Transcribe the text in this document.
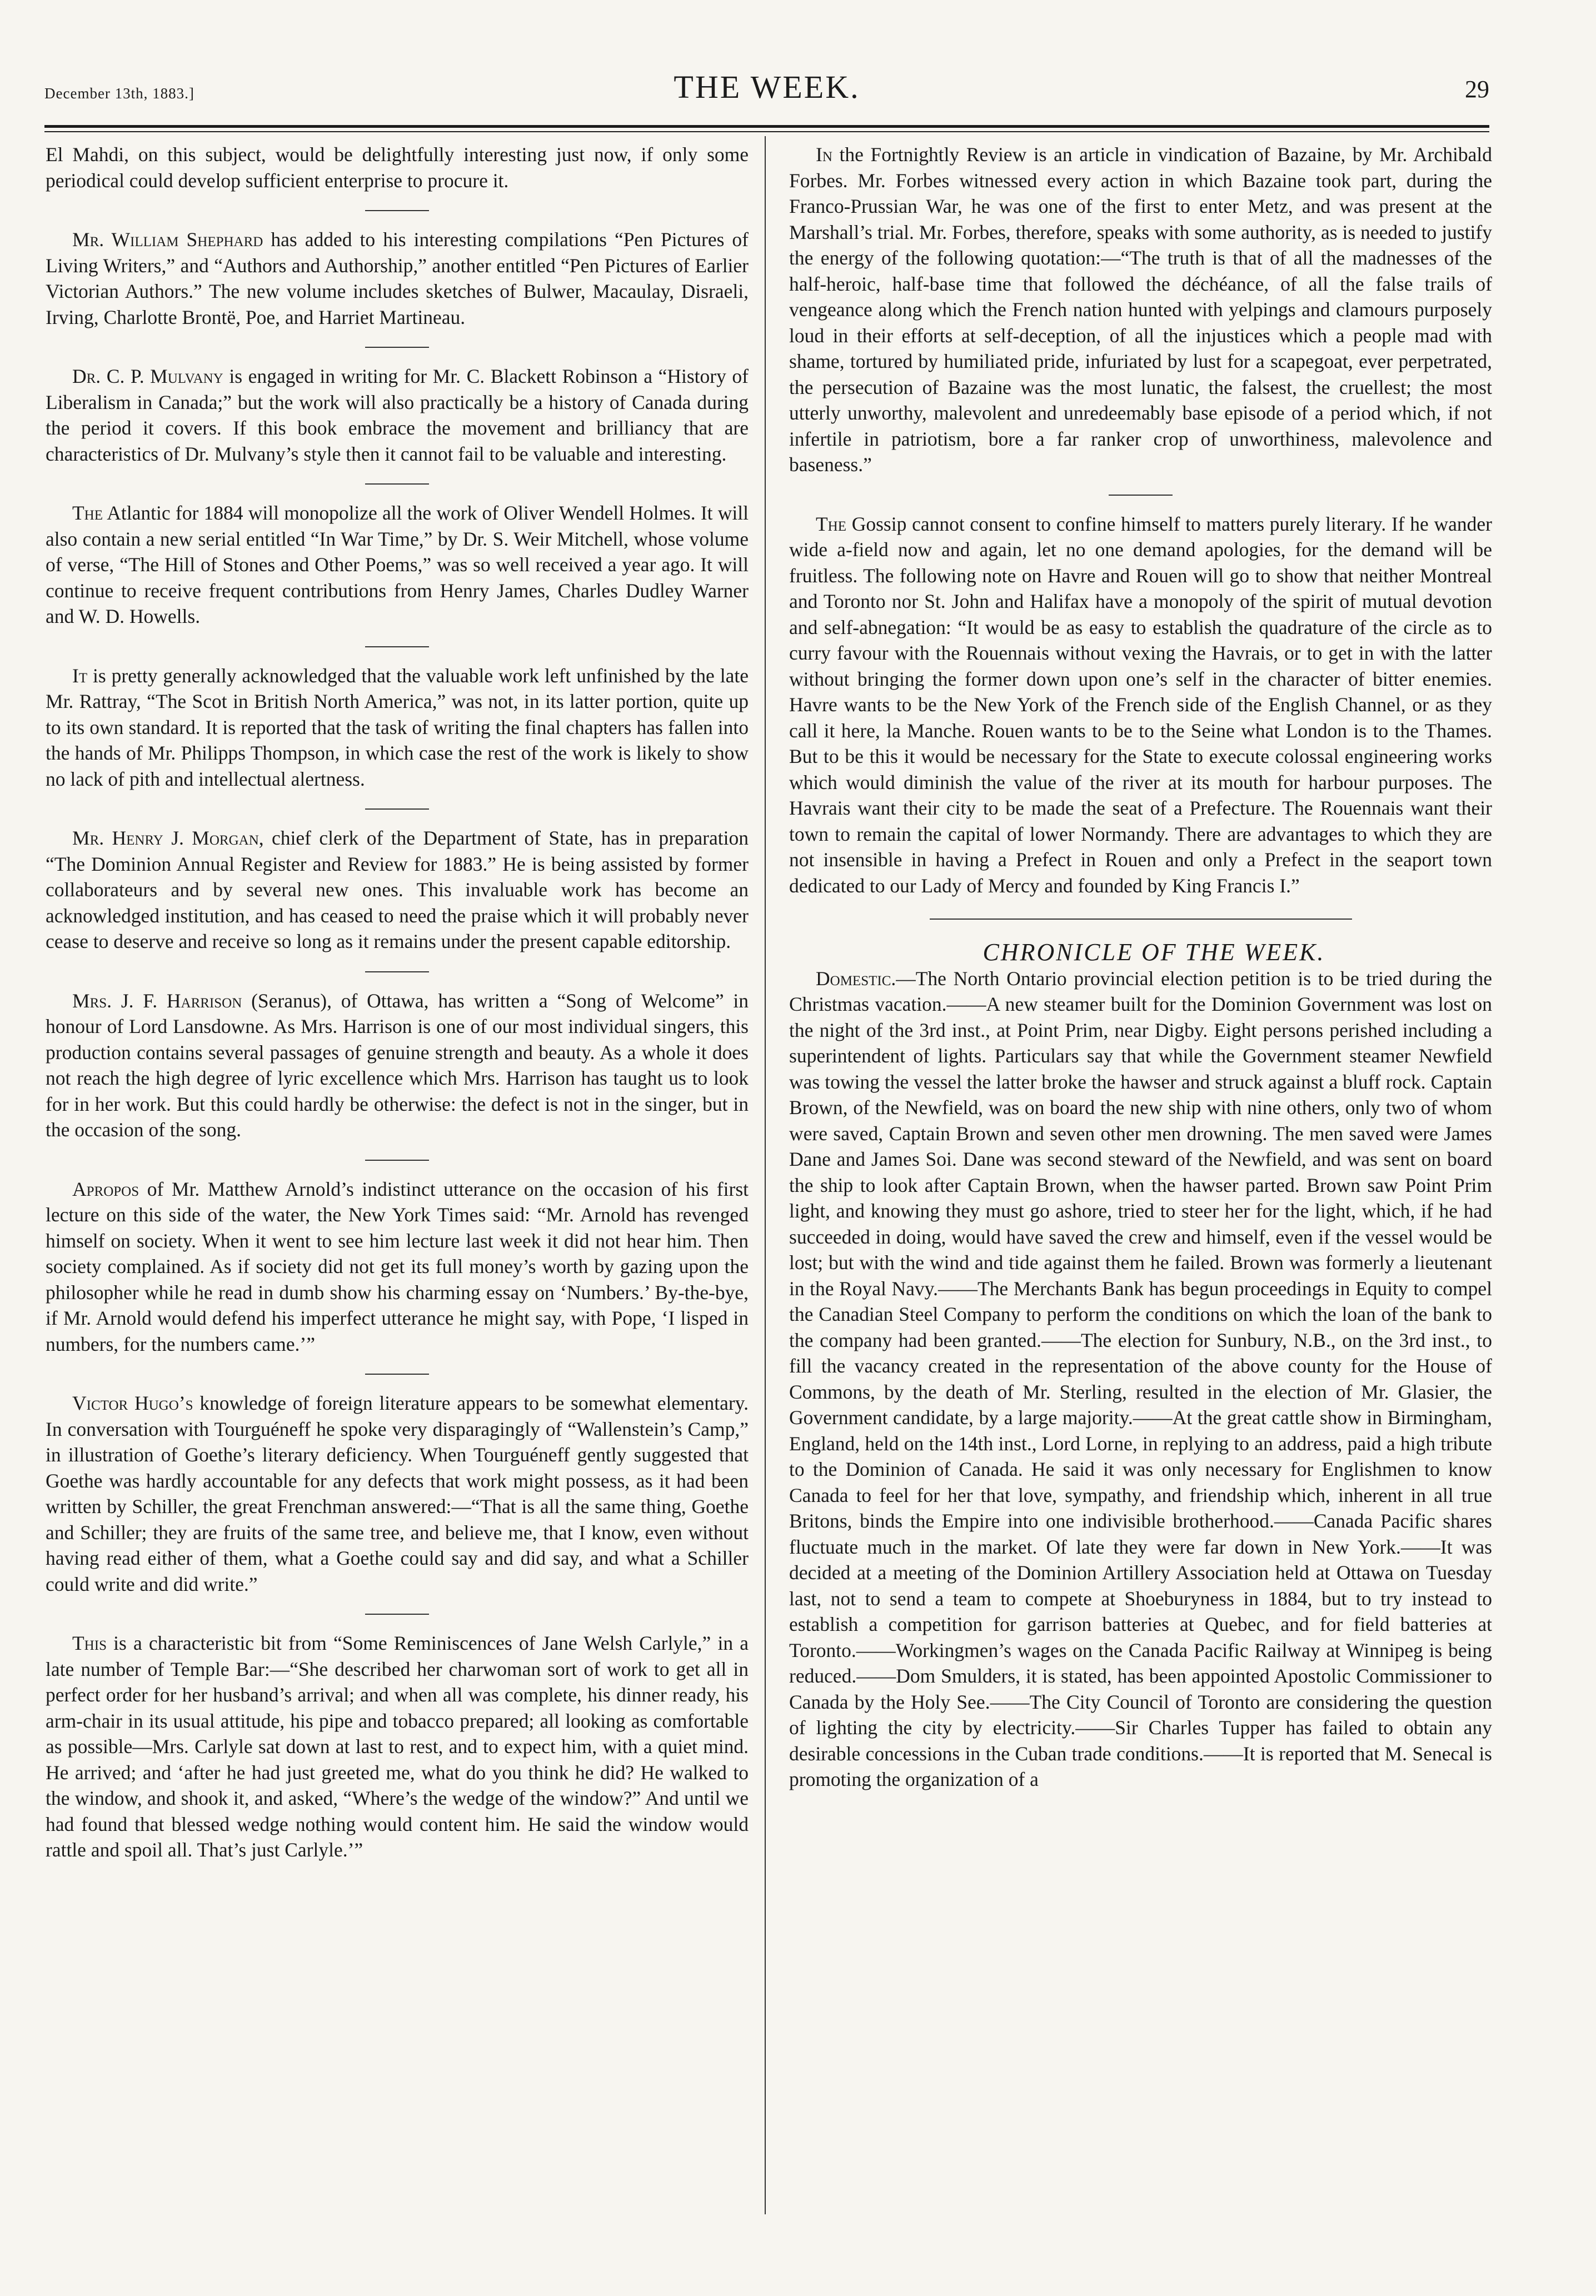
December 13th, 1883.]	THE WEEK.	29

El Mahdi, on this subject, would be delightfully interesting just now, if only some periodical could develop sufficient enterprise to procure it.

Mr. William Shephard has added to his interesting compilations “Pen Pictures of Living Writers,” and “Authors and Authorship,” another entitled “Pen Pictures of Earlier Victorian Authors.” The new volume includes sketches of Bulwer, Macaulay, Disraeli, Irving, Charlotte Brontë, Poe, and Harriet Martineau.

Dr. C. P. Mulvany is engaged in writing for Mr. C. Blackett Robinson a “History of Liberalism in Canada;” but the work will also practically be a history of Canada during the period it covers. If this book embrace the movement and brilliancy that are characteristics of Dr. Mulvany’s style then it cannot fail to be valuable and interesting.

The Atlantic for 1884 will monopolize all the work of Oliver Wendell Holmes. It will also contain a new serial entitled “In War Time,” by Dr. S. Weir Mitchell, whose volume of verse, “The Hill of Stones and Other Poems,” was so well received a year ago. It will continue to receive frequent contributions from Henry James, Charles Dudley Warner and W. D. Howells.

It is pretty generally acknowledged that the valuable work left unfinished by the late Mr. Rattray, “The Scot in British North America,” was not, in its latter portion, quite up to its own standard. It is reported that the task of writing the final chapters has fallen into the hands of Mr. Philipps Thompson, in which case the rest of the work is likely to show no lack of pith and intellectual alertness.

Mr. Henry J. Morgan, chief clerk of the Department of State, has in preparation “The Dominion Annual Register and Review for 1883.” He is being assisted by former collaborateurs and by several new ones. This invaluable work has become an acknowledged institution, and has ceased to need the praise which it will probably never cease to deserve and receive so long as it remains under the present capable editorship.

Mrs. J. F. Harrison (Seranus), of Ottawa, has written a “Song of Welcome” in honour of Lord Lansdowne. As Mrs. Harrison is one of our most individual singers, this production contains several passages of genuine strength and beauty. As a whole it does not reach the high degree of lyric excellence which Mrs. Harrison has taught us to look for in her work. But this could hardly be otherwise: the defect is not in the singer, but in the occasion of the song.

Apropos of Mr. Matthew Arnold’s indistinct utterance on the occasion of his first lecture on this side of the water, the New York Times said: “Mr. Arnold has revenged himself on society. When it went to see him lecture last week it did not hear him. Then society complained. As if society did not get its full money’s worth by gazing upon the philosopher while he read in dumb show his charming essay on ‘Numbers.’ By-the-bye, if Mr. Arnold would defend his imperfect utterance he might say, with Pope, ‘I lisped in numbers, for the numbers came.’”

Victor Hugo’s knowledge of foreign literature appears to be somewhat elementary. In conversation with Tourguéneff he spoke very disparagingly of “Wallenstein’s Camp,” in illustration of Goethe’s literary deficiency. When Tourguéneff gently suggested that Goethe was hardly accountable for any defects that work might possess, as it had been written by Schiller, the great Frenchman answered:—“That is all the same thing, Goethe and Schiller; they are fruits of the same tree, and believe me, that I know, even without having read either of them, what a Goethe could say and did say, and what a Schiller could write and did write.”

This is a characteristic bit from “Some Reminiscences of Jane Welsh Carlyle,” in a late number of Temple Bar:—“She described her charwoman sort of work to get all in perfect order for her husband’s arrival; and when all was complete, his dinner ready, his arm-chair in its usual attitude, his pipe and tobacco prepared; all looking as comfortable as possible—Mrs. Carlyle sat down at last to rest, and to expect him, with a quiet mind. He arrived; and ‘after he had just greeted me, what do you think he did? He walked to the window, and shook it, and asked, “Where’s the wedge of the window?” And until we had found that blessed wedge nothing would content him. He said the window would rattle and spoil all. That’s just Carlyle.’”

In the Fortnightly Review is an article in vindication of Bazaine, by Mr. Archibald Forbes. Mr. Forbes witnessed every action in which Bazaine took part, during the Franco-Prussian War, he was one of the first to enter Metz, and was present at the Marshall’s trial. Mr. Forbes, therefore, speaks with some authority, as is needed to justify the energy of the following quotation:—“The truth is that of all the madnesses of the half-heroic, half-base time that followed the déchéance, of all the false trails of vengeance along which the French nation hunted with yelpings and clamours purposely loud in their efforts at self-deception, of all the injustices which a people mad with shame, tortured by humiliated pride, infuriated by lust for a scapegoat, ever perpetrated, the persecution of Bazaine was the most lunatic, the falsest, the cruellest; the most utterly unworthy, malevolent and unredeemably base episode of a period which, if not infertile in patriotism, bore a far ranker crop of unworthiness, malevolence and baseness.”

The Gossip cannot consent to confine himself to matters purely literary. If he wander wide a-field now and again, let no one demand apologies, for the demand will be fruitless. The following note on Havre and Rouen will go to show that neither Montreal and Toronto nor St. John and Halifax have a monopoly of the spirit of mutual devotion and self-abnegation: “It would be as easy to establish the quadrature of the circle as to curry favour with the Rouennais without vexing the Havrais, or to get in with the latter without bringing the former down upon one’s self in the character of bitter enemies. Havre wants to be the New York of the French side of the English Channel, or as they call it here, la Manche. Rouen wants to be to the Seine what London is to the Thames. But to be this it would be necessary for the State to execute colossal engineering works which would diminish the value of the river at its mouth for harbour purposes. The Havrais want their city to be made the seat of a Prefecture. The Rouennais want their town to remain the capital of lower Normandy. There are advantages to which they are not insensible in having a Prefect in Rouen and only a Prefect in the seaport town dedicated to our Lady of Mercy and founded by King Francis I.”

CHRONICLE OF THE WEEK.

Domestic.—The North Ontario provincial election petition is to be tried during the Christmas vacation.——A new steamer built for the Dominion Government was lost on the night of the 3rd inst., at Point Prim, near Digby. Eight persons perished including a superintendent of lights. Particulars say that while the Government steamer Newfield was towing the vessel the latter broke the hawser and struck against a bluff rock. Captain Brown, of the Newfield, was on board the new ship with nine others, only two of whom were saved, Captain Brown and seven other men drowning. The men saved were James Dane and James Soi. Dane was second steward of the Newfield, and was sent on board the ship to look after Captain Brown, when the hawser parted. Brown saw Point Prim light, and knowing they must go ashore, tried to steer her for the light, which, if he had succeeded in doing, would have saved the crew and himself, even if the vessel would be lost; but with the wind and tide against them he failed. Brown was formerly a lieutenant in the Royal Navy.——The Merchants Bank has begun proceedings in Equity to compel the Canadian Steel Company to perform the conditions on which the loan of the bank to the company had been granted.——The election for Sunbury, N.B., on the 3rd inst., to fill the vacancy created in the representation of the above county for the House of Commons, by the death of Mr. Sterling, resulted in the election of Mr. Glasier, the Government candidate, by a large majority.——At the great cattle show in Birmingham, England, held on the 14th inst., Lord Lorne, in replying to an address, paid a high tribute to the Dominion of Canada. He said it was only necessary for Englishmen to know Canada to feel for her that love, sympathy, and friendship which, inherent in all true Britons, binds the Empire into one indivisible brotherhood.——Canada Pacific shares fluctuate much in the market. Of late they were far down in New York.——It was decided at a meeting of the Dominion Artillery Association held at Ottawa on Tuesday last, not to send a team to compete at Shoeburyness in 1884, but to try instead to establish a competition for garrison batteries at Quebec, and for field batteries at Toronto.——Workingmen’s wages on the Canada Pacific Railway at Winnipeg is being reduced.——Dom Smulders, it is stated, has been appointed Apostolic Commissioner to Canada by the Holy See.——The City Council of Toronto are considering the question of lighting the city by electricity.——Sir Charles Tupper has failed to obtain any desirable concessions in the Cuban trade conditions.——It is reported that M. Senecal is promoting the organization of a
